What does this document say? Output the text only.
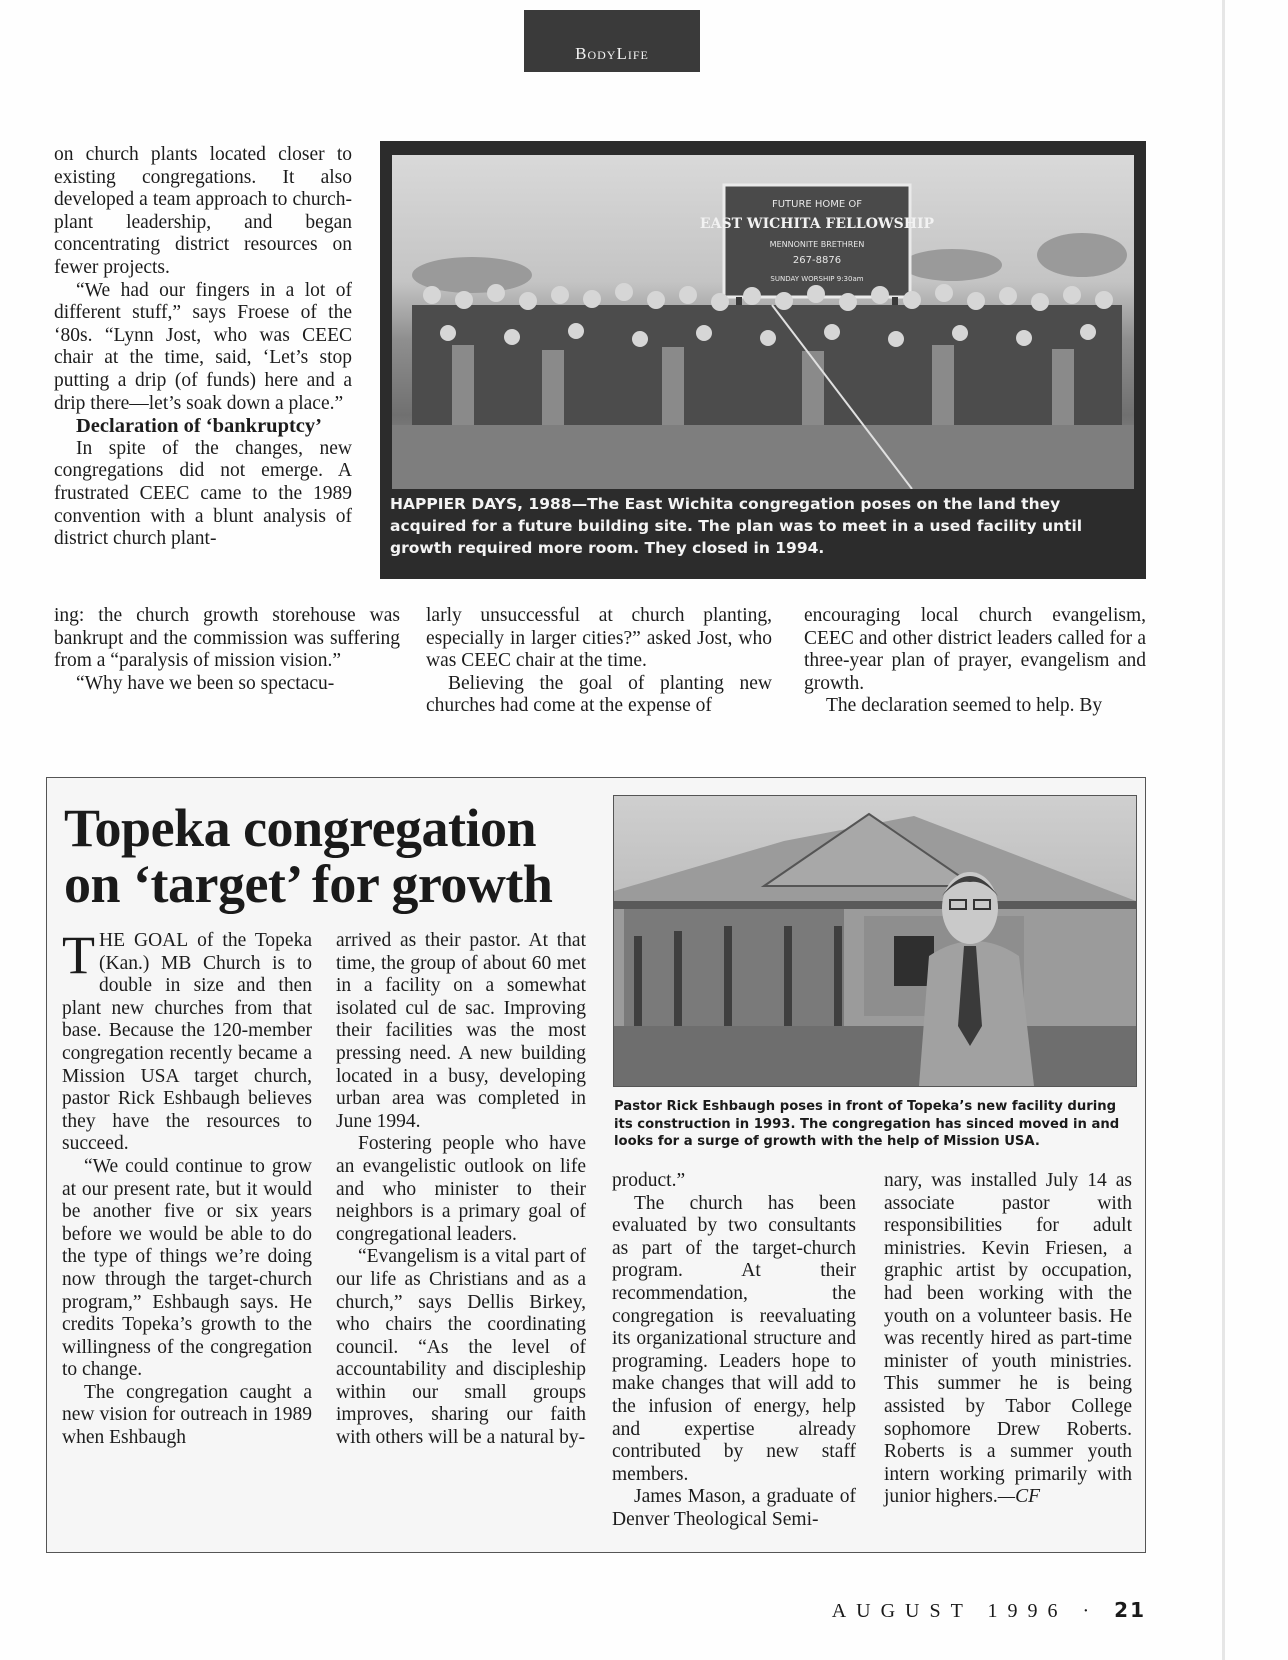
BodyLife

on church plants located closer to existing congregations. It also developed a team approach to church-plant leadership, and began concentrating district resources on fewer projects.

“We had our fingers in a lot of different stuff,” says Froese of the ‘80s. “Lynn Jost, who was CEEC chair at the time, said, ‘Let’s stop putting a drip (of funds) here and a drip there—let’s soak down a place.”

Declaration of ‘bankruptcy’

In spite of the changes, new congregations did not emerge. A frustrated CEEC came to the 1989 convention with a blunt analysis of district church plant-

ing: the church growth storehouse was bankrupt and the commission was suffering from a “paralysis of mission vision.”

“Why have we been so spectacu-

larly unsuccessful at church planting, especially in larger cities?” asked Jost, who was CEEC chair at the time.

Believing the goal of planting new churches had come at the expense of

encouraging local church evangelism, CEEC and other district leaders called for a three-year plan of prayer, evangelism and growth.

The declaration seemed to help. By

FUTURE HOME OF
EAST WICHITA FELLOWSHIP
MENNONITE BRETHREN
267-8876
SUNDAY WORSHIP 9:30am
HAPPIER DAYS, 1988—The East Wichita congregation poses on the land they acquired for a future building site. The plan was to meet in a used facility until growth required more room. They closed in 1994.
Topeka congregation
on ‘target’ for growth
Pastor Rick Eshbaugh poses in front of Topeka’s new facility during its construction in 1993. The congregation has sinced moved in and looks for a surge of growth with the help of Mission USA.

THE GOAL of the Topeka (Kan.) MB Church is to double in size and then plant new churches from that base. Because the 120-member congregation recently became a Mission USA target church, pastor Rick Eshbaugh believes they have the resources to succeed.

“We could continue to grow at our present rate, but it would be another five or six years before we would be able to do the type of things we’re doing now through the target-church program,” Eshbaugh says. He credits Topeka’s growth to the willingness of the congregation to change.

The congregation caught a new vision for outreach in 1989 when Eshbaugh

arrived as their pastor. At that time, the group of about 60 met in a facility on a somewhat isolated cul de sac. Improving their facilities was the most pressing need. A new building located in a busy, developing urban area was completed in June 1994.

Fostering people who have an evangelistic outlook on life and who minister to their neighbors is a primary goal of congregational leaders.

“Evangelism is a vital part of our life as Christians and as a church,” says Dellis Birkey, who chairs the coordinating council. “As the level of accountability and discipleship within our small groups improves, sharing our faith with others will be a natural by-

product.”

The church has been evaluated by two consultants as part of the target-church program. At their recommendation, the congregation is reevaluating its organizational structure and programing. Leaders hope to make changes that will add to the infusion of energy, help and expertise already contributed by new staff members.

James Mason, a graduate of Denver Theological Semi-

nary, was installed July 14 as associate pastor with responsibilities for adult ministries. Kevin Friesen, a graphic artist by occupation, had been working with the youth on a volunteer basis. He was recently hired as part-time minister of youth ministries. This summer he is being assisted by Tabor College sophomore Drew Roberts. Roberts is a summer youth intern working primarily with junior highers.—CF

AUGUST 1996 · 21
